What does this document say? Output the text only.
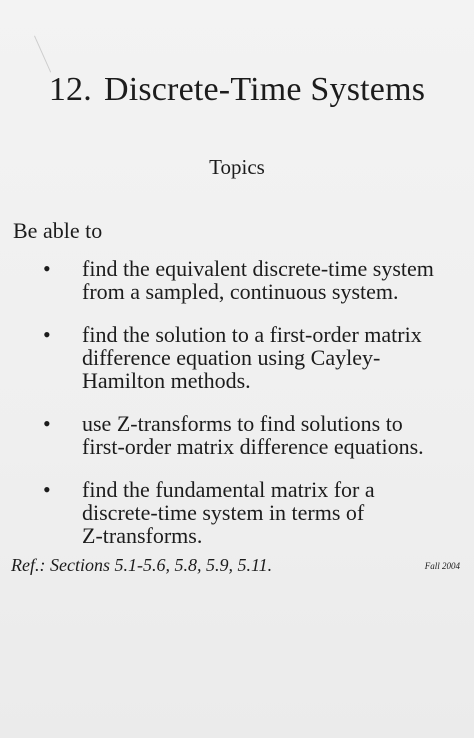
12. Discrete-Time Systems
Topics
Be able to
• find the equivalent discrete-time system
from a sampled, continuous system.
• find the solution to a first-order matrix
difference equation using Cayley-
Hamilton methods.
• use Z-transforms to find solutions to
first-order matrix difference equations.
• find the fundamental matrix for a
discrete-time system in terms of
Z-transforms.
Ref.: Sections 5.1-5.6, 5.8, 5.9, 5.11.	Fall 2004
